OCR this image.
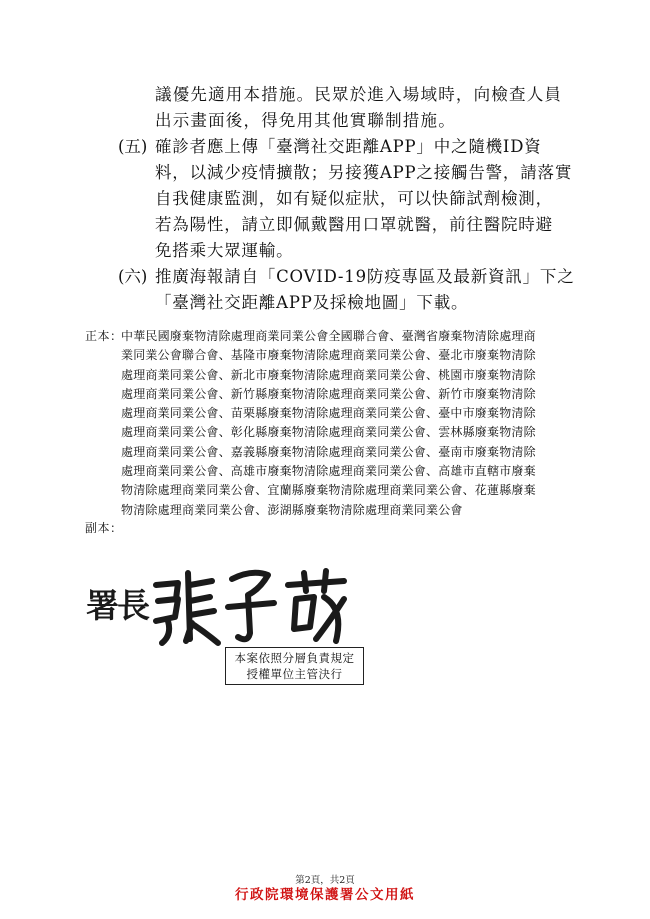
議優先適用本措施。民眾於進入場域時，向檢查人員
出示畫面後，得免用其他實聯制措施。
(五) 確診者應上傳「臺灣社交距離APP」中之隨機ID資
料，以減少疫情擴散；另接獲APP之接觸告警，請落實
自我健康監測，如有疑似症狀，可以快篩試劑檢測，
若為陽性，請立即佩戴醫用口罩就醫，前往醫院時避
免搭乘大眾運輸。
(六) 推廣海報請自「COVID-19防疫專區及最新資訊」下之
「臺灣社交距離APP及採檢地圖」下載。
正本：
中華民國廢棄物清除處理商業同業公會全國聯合會、臺灣省廢棄物清除處理商
業同業公會聯合會、基隆市廢棄物清除處理商業同業公會、臺北市廢棄物清除
處理商業同業公會、新北市廢棄物清除處理商業同業公會、桃園市廢棄物清除
處理商業同業公會、新竹縣廢棄物清除處理商業同業公會、新竹市廢棄物清除
處理商業同業公會、苗栗縣廢棄物清除處理商業同業公會、臺中市廢棄物清除
處理商業同業公會、彰化縣廢棄物清除處理商業同業公會、雲林縣廢棄物清除
處理商業同業公會、嘉義縣廢棄物清除處理商業同業公會、臺南市廢棄物清除
處理商業同業公會、高雄市廢棄物清除處理商業同業公會、高雄市直轄市廢棄
物清除處理商業同業公會、宜蘭縣廢棄物清除處理商業同業公會、花蓮縣廢棄
物清除處理商業同業公會、澎湖縣廢棄物清除處理商業同業公會
副本：
署長
本案依照分層負責規定
授權單位主管決行
第2頁，共2頁
行政院環境保護署公文用紙
